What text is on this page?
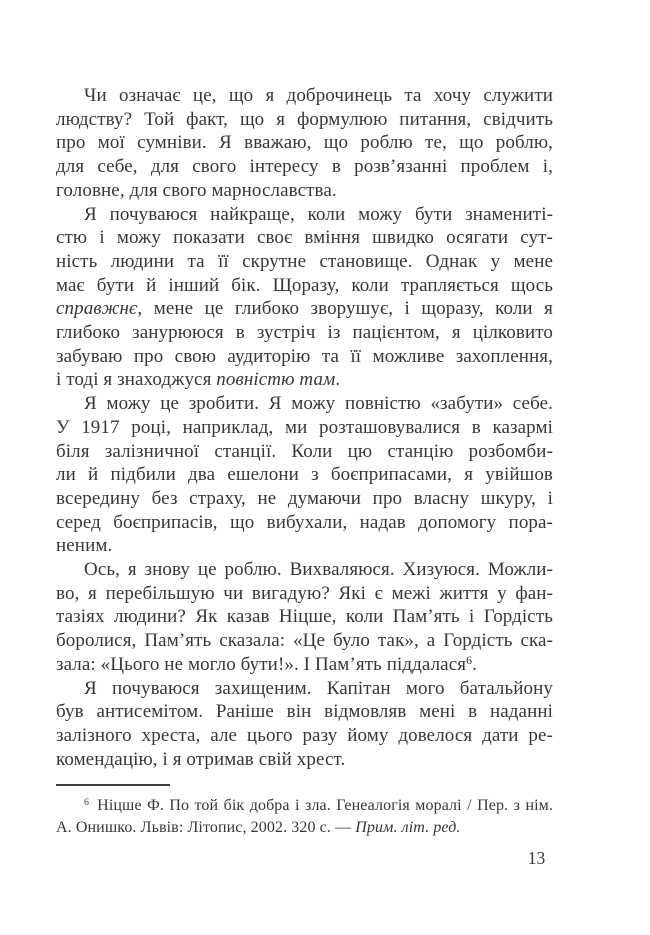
Чи означає це, що я доброчинець та хочу служити
людству? Той факт, що я формулюю питання, свідчить
про мої сумніви. Я вважаю, що роблю те, що роблю,
для себе, для свого інтересу в розв’язанні проблем і,
головне, для свого марнославства.
Я почуваюся найкраще, коли можу бути знамениті-
стю і можу показати своє вміння швидко осягати сут-
ність людини та її скрутне становище. Однак у мене
має бути й інший бік. Щоразу, коли трапляється щось
справжнє, мене це глибоко зворушує, і щоразу, коли я
глибоко занурююся в зустріч із пацієнтом, я цілковито
забуваю про свою аудиторію та її можливе захоплення,
і тоді я знаходжуся повністю там.
Я можу це зробити. Я можу повністю «забути» себе.
У 1917 році, наприклад, ми розташовувалися в казармі
біля залізничної станції. Коли цю станцію розбомби-
ли й підбили два ешелони з боєприпасами, я увійшов
всередину без страху, не думаючи про власну шкуру, і
серед боєприпасів, що вибухали, надав допомогу пора-
неним.
Ось, я знову це роблю. Вихваляюся. Хизуюся. Можли-
во, я перебільшую чи вигадую? Які є межі життя у фан-
тазіях людини? Як казав Ніцше, коли Пам’ять і Гордість
боролися, Пам’ять сказала: «Це було так», а Гордість ска-
зала: «Цього не могло бути!». І Пам’ять піддалася$^6$.
Я почуваюся захищеним. Капітан мого батальйону
був антисемітом. Раніше він відмовляв мені в наданні
залізного хреста, але цього разу йому довелося дати ре-
комендацію, і я отримав свій хрест.
$^6$ Ніцше Ф. По той бік добра і зла. Генеалогія моралі / Пер. з нім.
А. Онишко. Львів: Літопис, 2002. 320 с. — Прим. літ. ред.
13
